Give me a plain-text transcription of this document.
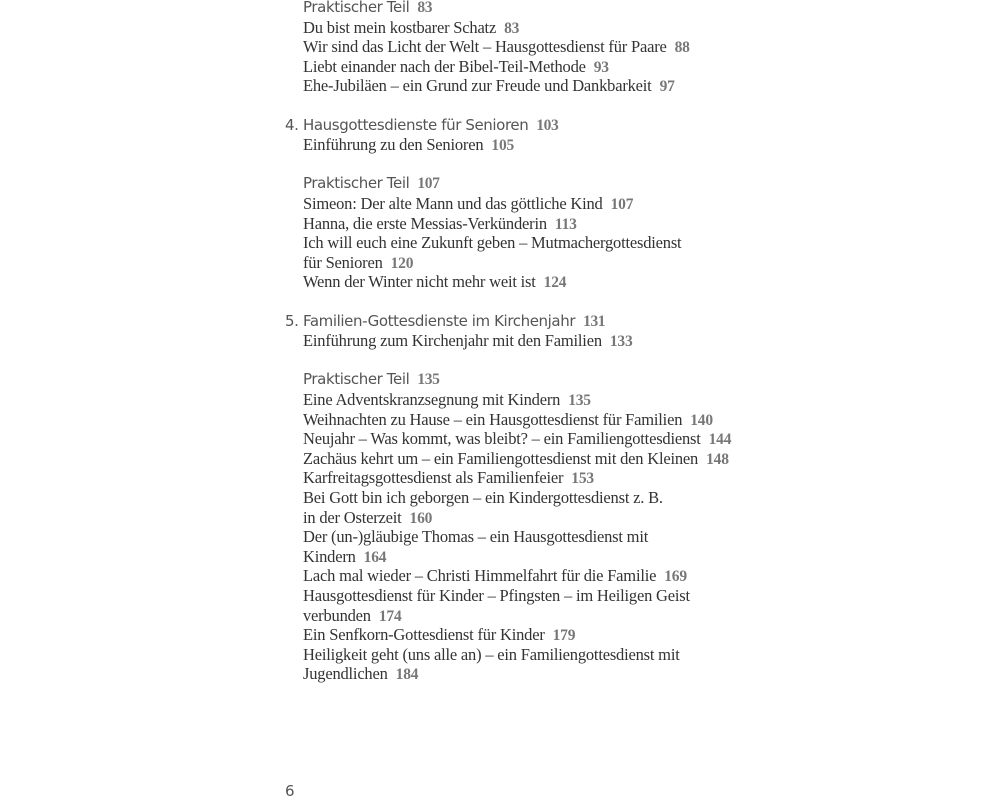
Praktischer Teil 83
Du bist mein kostbarer Schatz 83
Wir sind das Licht der Welt – Hausgottesdienst für Paare 88
Liebt einander nach der Bibel-Teil-Methode 93
Ehe-Jubiläen – ein Grund zur Freude und Dankbarkeit 97
4. Hausgottesdienste für Senioren 103
Einführung zu den Senioren 105
Praktischer Teil 107
Simeon: Der alte Mann und das göttliche Kind 107
Hanna, die erste Messias-Verkünderin 113
Ich will euch eine Zukunft geben – Mutmachergottesdienst
für Senioren 120
Wenn der Winter nicht mehr weit ist 124
5. Familien-Gottesdienste im Kirchenjahr 131
Einführung zum Kirchenjahr mit den Familien 133
Praktischer Teil 135
Eine Adventskranzsegnung mit Kindern 135
Weihnachten zu Hause – ein Hausgottesdienst für Familien 140
Neujahr – Was kommt, was bleibt? – ein Familiengottesdienst 144
Zachäus kehrt um – ein Familiengottesdienst mit den Kleinen 148
Karfreitagsgottesdienst als Familienfeier 153
Bei Gott bin ich geborgen – ein Kindergottesdienst z. B.
in der Osterzeit 160
Der (un-)gläubige Thomas – ein Hausgottesdienst mit
Kindern 164
Lach mal wieder – Christi Himmelfahrt für die Familie 169
Hausgottesdienst für Kinder – Pfingsten – im Heiligen Geist
verbunden 174
Ein Senfkorn-Gottesdienst für Kinder 179
Heiligkeit geht (uns alle an) – ein Familiengottesdienst mit
Jugendlichen 184
6
